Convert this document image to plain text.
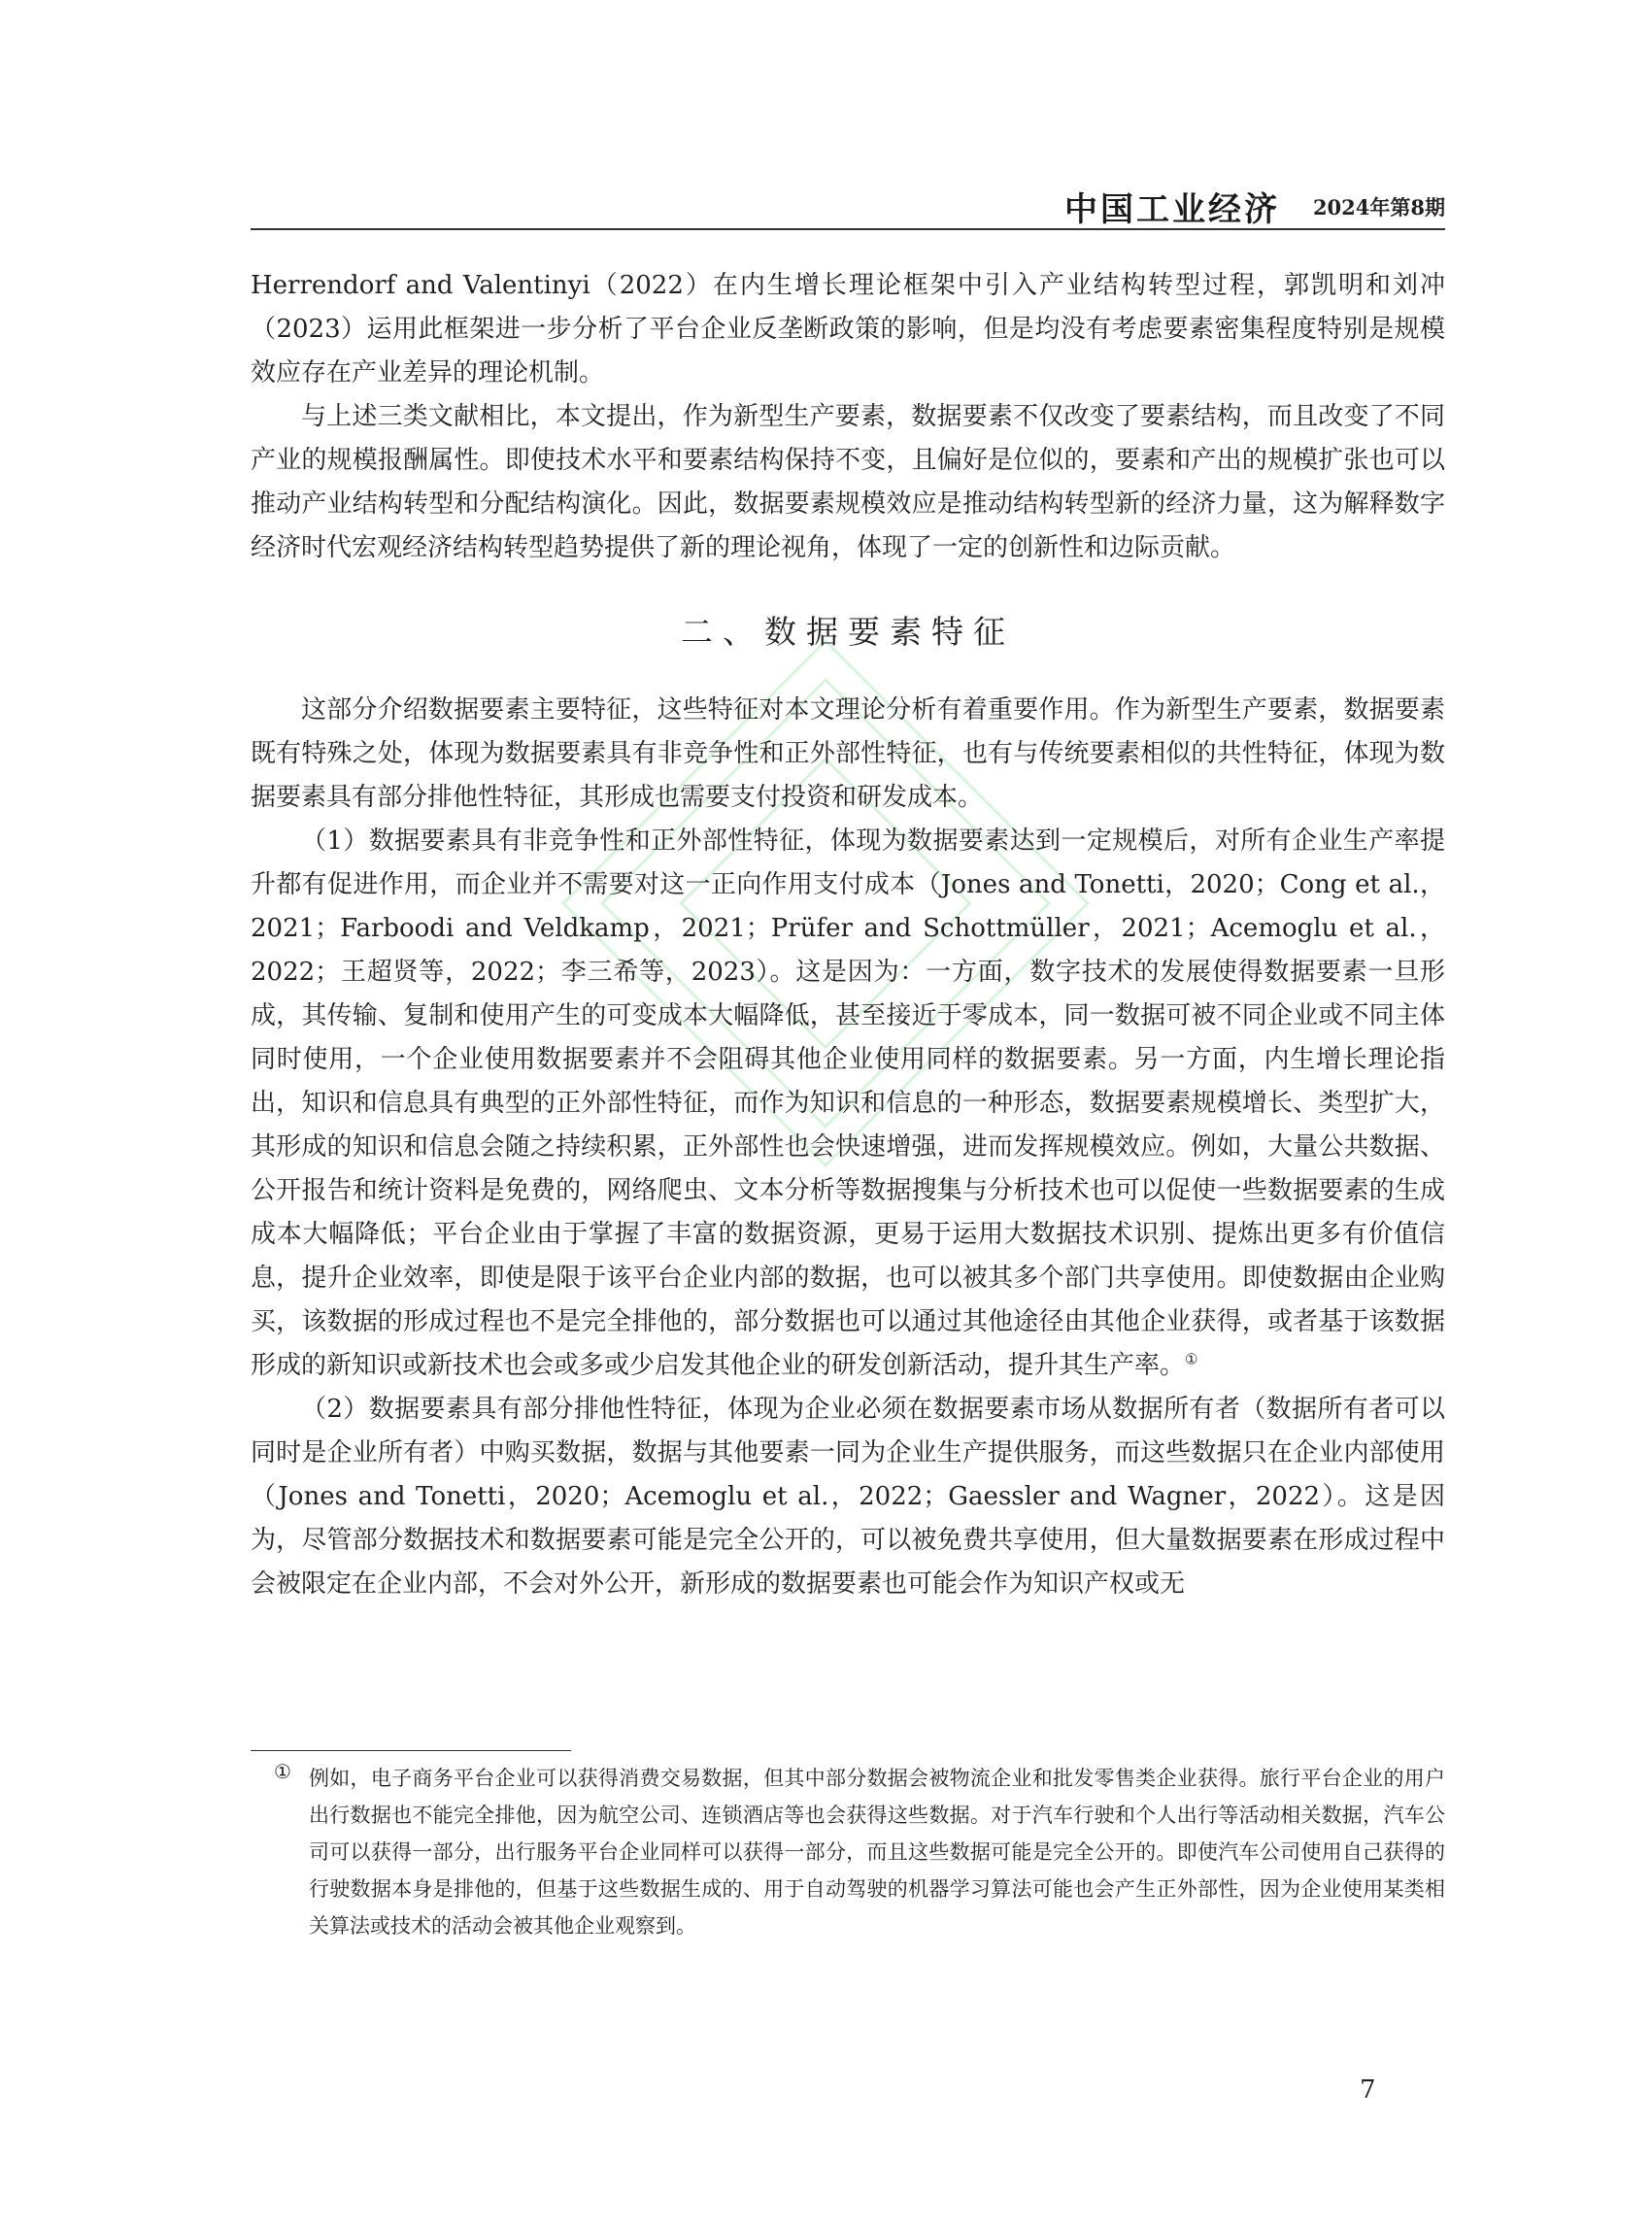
中国工业经济 2024年第8期

Herrendorf and Valentinyi（2022）在内生增长理论框架中引入产业结构转型过程，郭凯明和刘冲（2023）运用此框架进一步分析了平台企业反垄断政策的影响，但是均没有考虑要素密集程度特别是规模效应存在产业差异的理论机制。

与上述三类文献相比，本文提出，作为新型生产要素，数据要素不仅改变了要素结构，而且改变了不同产业的规模报酬属性。即使技术水平和要素结构保持不变，且偏好是位似的，要素和产出的规模扩张也可以推动产业结构转型和分配结构演化。因此，数据要素规模效应是推动结构转型新的经济力量，这为解释数字经济时代宏观经济结构转型趋势提供了新的理论视角，体现了一定的创新性和边际贡献。

二、数据要素特征

这部分介绍数据要素主要特征，这些特征对本文理论分析有着重要作用。作为新型生产要素，数据要素既有特殊之处，体现为数据要素具有非竞争性和正外部性特征，也有与传统要素相似的共性特征，体现为数据要素具有部分排他性特征，其形成也需要支付投资和研发成本。

（1）数据要素具有非竞争性和正外部性特征，体现为数据要素达到一定规模后，对所有企业生产率提升都有促进作用，而企业并不需要对这一正向作用支付成本（Jones and Tonetti，2020；Cong et al.，2021；Farboodi and Veldkamp，2021；Prüfer and Schottmüller，2021；Acemoglu et al.，2022；王超贤等，2022；李三希等，2023）。这是因为：一方面，数字技术的发展使得数据要素一旦形成，其传输、复制和使用产生的可变成本大幅降低，甚至接近于零成本，同一数据可被不同企业或不同主体同时使用，一个企业使用数据要素并不会阻碍其他企业使用同样的数据要素。另一方面，内生增长理论指出，知识和信息具有典型的正外部性特征，而作为知识和信息的一种形态，数据要素规模增长、类型扩大，其形成的知识和信息会随之持续积累，正外部性也会快速增强，进而发挥规模效应。例如，大量公共数据、公开报告和统计资料是免费的，网络爬虫、文本分析等数据搜集与分析技术也可以促使一些数据要素的生成成本大幅降低；平台企业由于掌握了丰富的数据资源，更易于运用大数据技术识别、提炼出更多有价值信息，提升企业效率，即使是限于该平台企业内部的数据，也可以被其多个部门共享使用。即使数据由企业购买，该数据的形成过程也不是完全排他的，部分数据也可以通过其他途径由其他企业获得，或者基于该数据形成的新知识或新技术也会或多或少启发其他企业的研发创新活动，提升其生产率。①

（2）数据要素具有部分排他性特征，体现为企业必须在数据要素市场从数据所有者（数据所有者可以同时是企业所有者）中购买数据，数据与其他要素一同为企业生产提供服务，而这些数据只在企业内部使用（Jones and Tonetti，2020；Acemoglu et al.，2022；Gaessler and Wagner，2022）。这是因为，尽管部分数据技术和数据要素可能是完全公开的，可以被免费共享使用，但大量数据要素在形成过程中会被限定在企业内部，不会对外公开，新形成的数据要素也可能会作为知识产权或无

① 例如，电子商务平台企业可以获得消费交易数据，但其中部分数据会被物流企业和批发零售类企业获得。旅行平台企业的用户出行数据也不能完全排他，因为航空公司、连锁酒店等也会获得这些数据。对于汽车行驶和个人出行等活动相关数据，汽车公司可以获得一部分，出行服务平台企业同样可以获得一部分，而且这些数据可能是完全公开的。即使汽车公司使用自己获得的行驶数据本身是排他的，但基于这些数据生成的、用于自动驾驶的机器学习算法可能也会产生正外部性，因为企业使用某类相关算法或技术的活动会被其他企业观察到。

7
